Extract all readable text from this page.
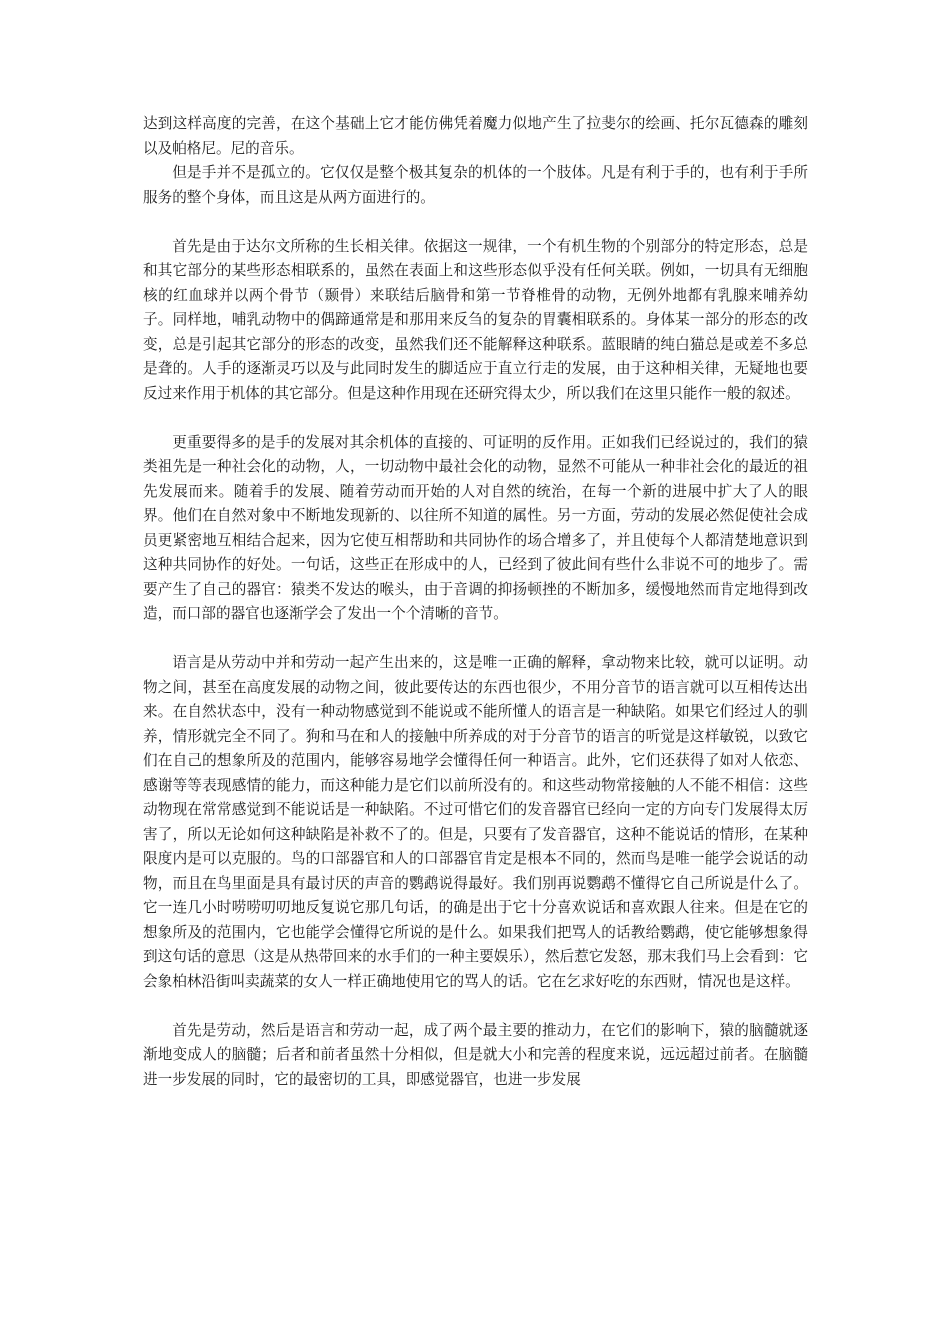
达到这样高度的完善，在这个基础上它才能仿佛凭着魔力似地产生了拉斐尔的绘画、托尔瓦德森的雕刻以及帕格尼。尼的音乐。

但是手并不是孤立的。它仅仅是整个极其复杂的机体的一个肢体。凡是有利于手的，也有利于手所服务的整个身体，而且这是从两方面进行的。

首先是由于达尔文所称的生长相关律。依据这一规律，一个有机生物的个别部分的特定形态，总是和其它部分的某些形态相联系的，虽然在表面上和这些形态似乎没有任何关联。例如，一切具有无细胞核的红血球并以两个骨节（颞骨）来联结后脑骨和第一节脊椎骨的动物，无例外地都有乳腺来哺养幼子。同样地，哺乳动物中的偶蹄通常是和那用来反刍的复杂的胃囊相联系的。身体某一部分的形态的改变，总是引起其它部分的形态的改变，虽然我们还不能解释这种联系。蓝眼睛的纯白猫总是或差不多总是聋的。人手的逐渐灵巧以及与此同时发生的脚适应于直立行走的发展，由于这种相关律，无疑地也要反过来作用于机体的其它部分。但是这种作用现在还研究得太少，所以我们在这里只能作一般的叙述。

更重要得多的是手的发展对其余机体的直接的、可证明的反作用。正如我们已经说过的，我们的猿类祖先是一种社会化的动物，人，一切动物中最社会化的动物，显然不可能从一种非社会化的最近的祖先发展而来。随着手的发展、随着劳动而开始的人对自然的统治，在每一个新的进展中扩大了人的眼界。他们在自然对象中不断地发现新的、以往所不知道的属性。另一方面，劳动的发展必然促使社会成员更紧密地互相结合起来，因为它使互相帮助和共同协作的场合增多了，并且使每个人都清楚地意识到这种共同协作的好处。一句话，这些正在形成中的人，已经到了彼此间有些什么非说不可的地步了。需要产生了自己的器官：猿类不发达的喉头，由于音调的抑扬顿挫的不断加多，缓慢地然而肯定地得到改造，而口部的器官也逐渐学会了发出一个个清晰的音节。

语言是从劳动中并和劳动一起产生出来的，这是唯一正确的解释，拿动物来比较，就可以证明。动物之间，甚至在高度发展的动物之间，彼此要传达的东西也很少，不用分音节的语言就可以互相传达出来。在自然状态中，没有一种动物感觉到不能说或不能所懂人的语言是一种缺陷。如果它们经过人的驯养，情形就完全不同了。狗和马在和人的接触中所养成的对于分音节的语言的听觉是这样敏锐，以致它们在自己的想象所及的范围内，能够容易地学会懂得任何一种语言。此外，它们还获得了如对人依恋、感谢等等表现感情的能力，而这种能力是它们以前所没有的。和这些动物常接触的人不能不相信：这些动物现在常常感觉到不能说话是一种缺陷。不过可惜它们的发音器官已经向一定的方向专门发展得太厉害了，所以无论如何这种缺陷是补救不了的。但是，只要有了发音器官，这种不能说话的情形，在某种限度内是可以克服的。鸟的口部器官和人的口部器官肯定是根本不同的，然而鸟是唯一能学会说话的动物，而且在鸟里面是具有最讨厌的声音的鹦鹉说得最好。我们别再说鹦鹉不懂得它自己所说是什么了。它一连几小时唠唠叨叨地反复说它那几句话，的确是出于它十分喜欢说话和喜欢跟人往来。但是在它的想象所及的范围内，它也能学会懂得它所说的是什么。如果我们把骂人的话教给鹦鹉，使它能够想象得到这句话的意思（这是从热带回来的水手们的一种主要娱乐），然后惹它发怒，那末我们马上会看到：它会象柏林沿街叫卖蔬菜的女人一样正确地使用它的骂人的话。它在乞求好吃的东西财，情况也是这样。

首先是劳动，然后是语言和劳动一起，成了两个最主要的推动力，在它们的影响下，猿的脑髓就逐渐地变成人的脑髓；后者和前者虽然十分相似，但是就大小和完善的程度来说，远远超过前者。在脑髓进一步发展的同时，它的最密切的工具，即感觉器官，也进一步发展
